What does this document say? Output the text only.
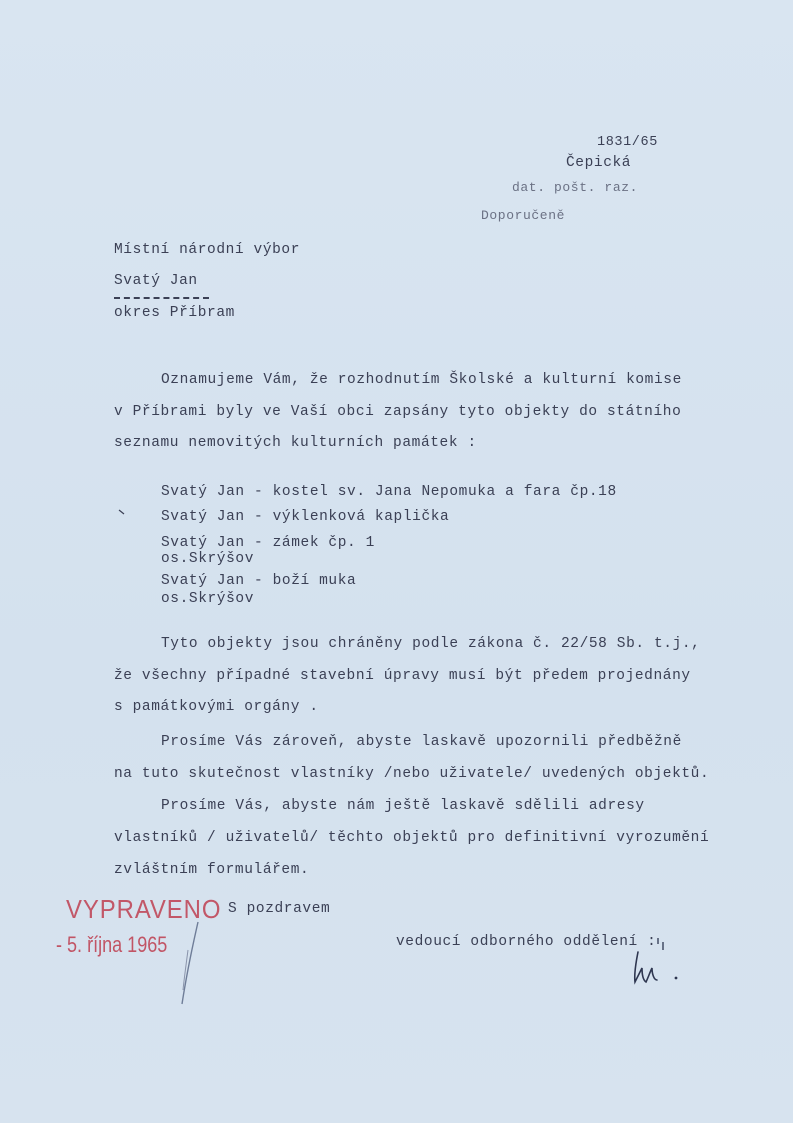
1831/65
Čepická
dat. pošt. raz.
Doporučeně
Místní národní výbor
Svatý Jan
okres Příbram
Oznamujeme Vám, že rozhodnutím Školské a kulturní komise
v Příbrami byly ve Vaší obci zapsány tyto objekty do státního
seznamu nemovitých kulturních památek :
Svatý Jan - kostel sv. Jana Nepomuka a fara čp.18
Svatý Jan - výklenková kaplička
Svatý Jan - zámek čp. 1
os.Skrýšov
Svatý Jan - boží muka
os.Skrýšov
Tyto objekty jsou chráněny podle zákona č. 22/58 Sb. t.j.,
že všechny případné stavební úpravy musí být předem projednány
s památkovými orgány .
Prosíme Vás zároveň, abyste laskavě upozornili předběžně
na tuto skutečnost vlastníky /nebo uživatele/ uvedených objektů.
Prosíme Vás, abyste nám ještě laskavě sdělili adresy
vlastníků / uživatelů/ těchto objektů pro definitivní vyrozumění
zvláštním formulářem.
S pozdravem
vedoucí odborného oddělení :
VYPRAVENO
- 5. října 1965
